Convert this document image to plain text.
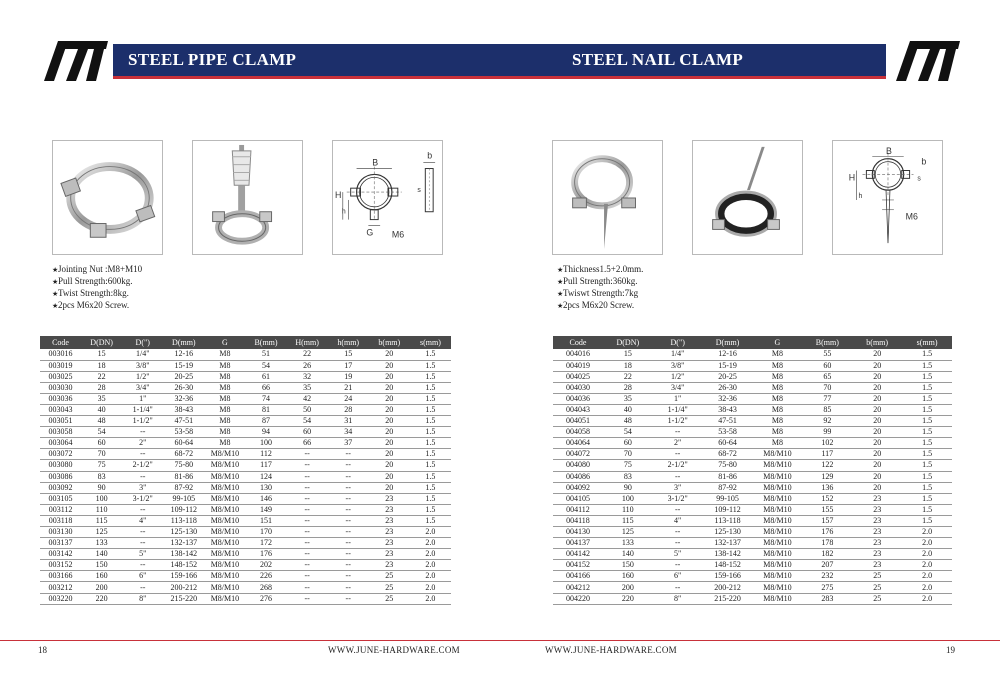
STEEL PIPE CLAMP	STEEL NAIL CLAMP
B
b
H
h
s
G M6
B
b
H
h
s
M6
★Jointing Nut :M8+M10
★Pull Strength:600kg.
★Twist Strength:8kg.
★2pcs M6x20 Screw.
★Thickness1.5+2.0mm.
★Pull Strength:360kg.
★Twiswt Strength:7kg
★2pcs M6x20 Screw.
Code	D(DN)	D(")	D(mm)	G	B(mm)	H(mm)	h(mm)	b(mm)	s(mm)
003016	15	1/4"	12-16	M8	51	22	15	20	1.5
003019	18	3/8"	15-19	M8	54	26	17	20	1.5
003025	22	1/2"	20-25	M8	61	32	19	20	1.5
003030	28	3/4"	26-30	M8	66	35	21	20	1.5
003036	35	1"	32-36	M8	74	42	24	20	1.5
003043	40	1-1/4"	38-43	M8	81	50	28	20	1.5
003051	48	1-1/2"	47-51	M8	87	54	31	20	1.5
003058	54	--	53-58	M8	94	60	34	20	1.5
003064	60	2"	60-64	M8	100	66	37	20	1.5
003072	70	--	68-72	M8/M10	112	--	--	20	1.5
003080	75	2-1/2"	75-80	M8/M10	117	--	--	20	1.5
003086	83	--	81-86	M8/M10	124	--	--	20	1.5
003092	90	3"	87-92	M8/M10	130	--	--	20	1.5
003105	100	3-1/2"	99-105	M8/M10	146	--	--	23	1.5
003112	110	--	109-112	M8/M10	149	--	--	23	1.5
003118	115	4"	113-118	M8/M10	151	--	--	23	1.5
003130	125	--	125-130	M8/M10	170	--	--	23	2.0
003137	133	--	132-137	M8/M10	172	--	--	23	2.0
003142	140	5"	138-142	M8/M10	176	--	--	23	2.0
003152	150	--	148-152	M8/M10	202	--	--	23	2.0
003166	160	6"	159-166	M8/M10	226	--	--	25	2.0
003212	200	--	200-212	M8/M10	268	--	--	25	2.0
003220	220	8"	215-220	M8/M10	276	--	--	25	2.0
Code	D(DN)	D(")	D(mm)	G	B(mm)	b(mm)	s(mm)
004016	15	1/4"	12-16	M8	55	20	1.5
004019	18	3/8"	15-19	M8	60	20	1.5
004025	22	1/2"	20-25	M8	65	20	1.5
004030	28	3/4"	26-30	M8	70	20	1.5
004036	35	1"	32-36	M8	77	20	1.5
004043	40	1-1/4"	38-43	M8	85	20	1.5
004051	48	1-1/2"	47-51	M8	92	20	1.5
004058	54	--	53-58	M8	99	20	1.5
004064	60	2"	60-64	M8	102	20	1.5
004072	70	--	68-72	M8/M10	117	20	1.5
004080	75	2-1/2"	75-80	M8/M10	122	20	1.5
004086	83	--	81-86	M8/M10	129	20	1.5
004092	90	3"	87-92	M8/M10	136	20	1.5
004105	100	3-1/2"	99-105	M8/M10	152	23	1.5
004112	110	--	109-112	M8/M10	155	23	1.5
004118	115	4"	113-118	M8/M10	157	23	1.5
004130	125	--	125-130	M8/M10	176	23	2.0
004137	133	--	132-137	M8/M10	178	23	2.0
004142	140	5"	138-142	M8/M10	182	23	2.0
004152	150	--	148-152	M8/M10	207	23	2.0
004166	160	6"	159-166	M8/M10	232	25	2.0
004212	200	--	200-212	M8/M10	275	25	2.0
004220	220	8"	215-220	M8/M10	283	25	2.0
18	WWW.JUNE-HARDWARE.COM	WWW.JUNE-HARDWARE.COM	19
